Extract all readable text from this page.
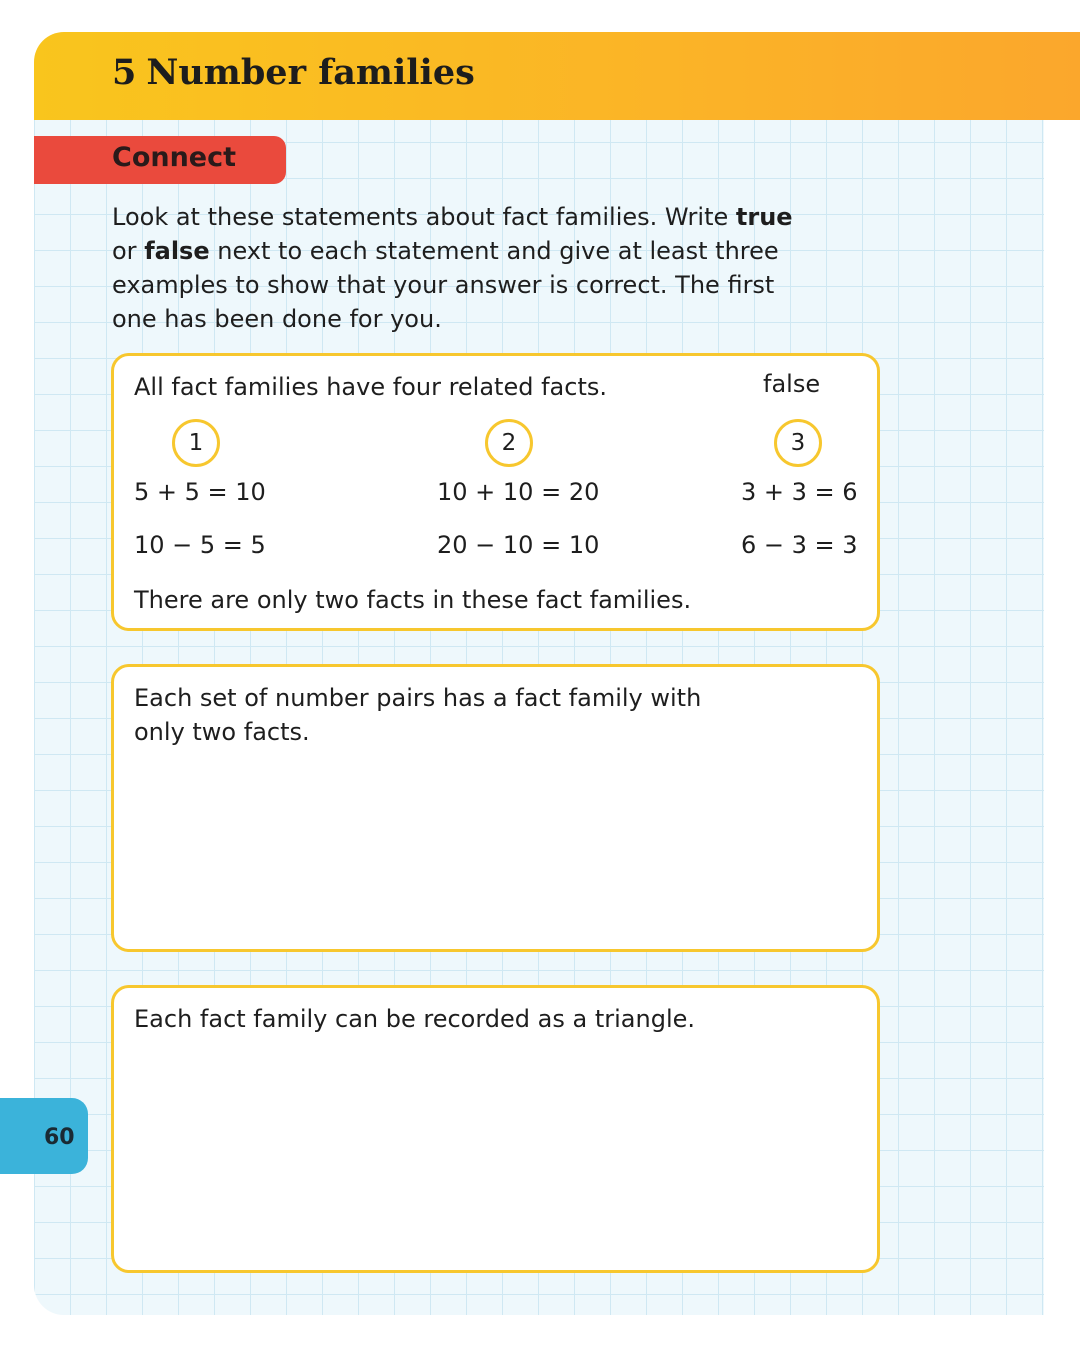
5 Number families
Connect

Look at these statements about fact families. Write true or false next to each statement and give at least three examples to show that your answer is correct. The first one has been done for you.

All fact families have four related facts.	false
1	2	3
5 + 5 = 10	10 + 10 = 20	3 + 3 = 6
10 − 5 = 5	20 − 10 = 10	6 − 3 = 3
There are only two facts in these fact families.
Each set of number pairs has a fact family with only two facts.
Each fact family can be recorded as a triangle.
60
